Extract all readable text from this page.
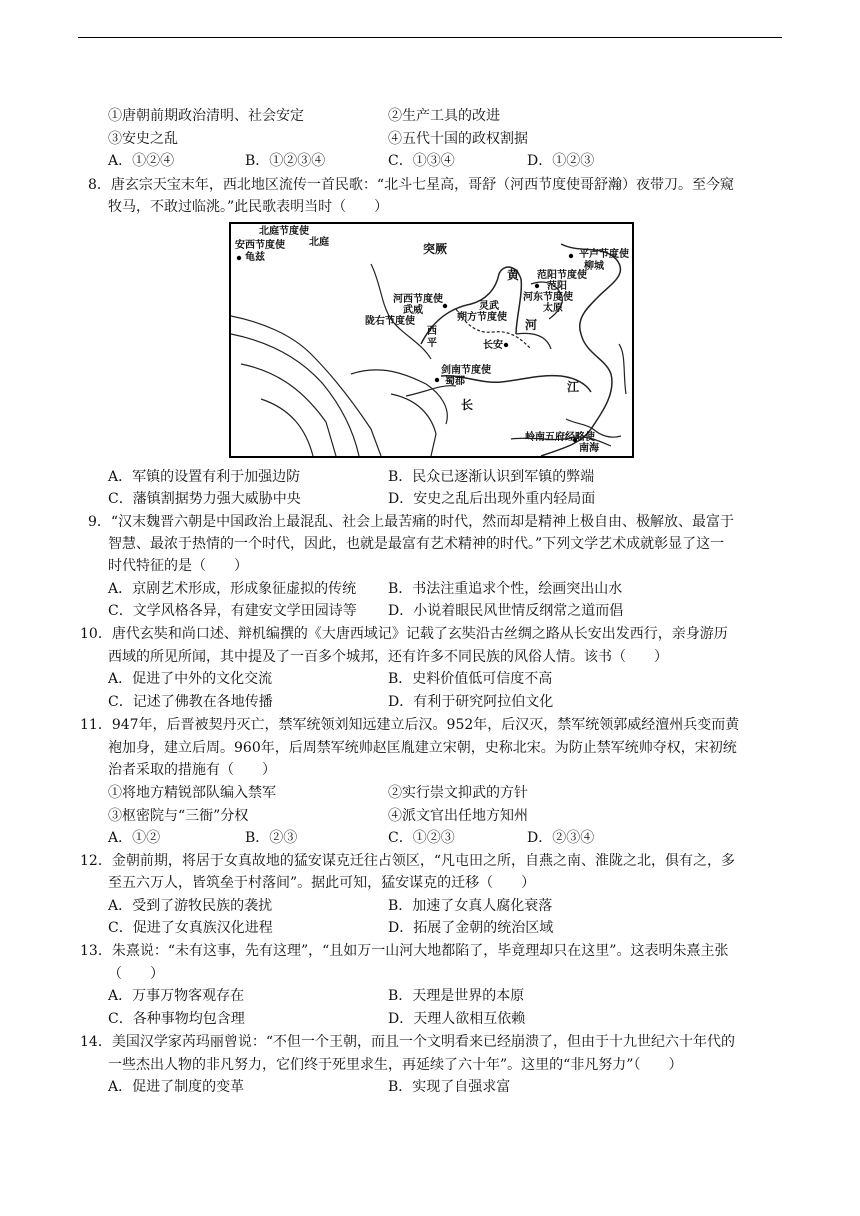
①唐朝前期政治清明、社会安定	②生产工具的改进
③安史之乱	④五代十国的政权割据
A．①②④	B．①②③④	C．①③④	D．①②③
8．唐玄宗天宝末年，西北地区流传一首民歌：“北斗七星高，哥舒（河西节度使哥舒瀚）夜带刀。至今窥
牧马，不敢过临洮。”此民歌表明当时（　　）
北庭节度使
北庭
安西节度使
龟兹
突厥	平卢节度使
柳城
范阳节度使
范阳
河东节度使
太原
黄
河
河西节度使
武威	灵武
朔方节度使
陇右节度使
西平	长安
剑南节度使
蜀郡
长
江
岭南五府经略使
南海
A．军镇的设置有利于加强边防	B．民众已逐渐认识到军镇的弊端
C．藩镇割据势力强大威胁中央	D．安史之乱后出现外重内轻局面
9．“汉末魏晋六朝是中国政治上最混乱、社会上最苦痛的时代，然而却是精神上极自由、极解放、最富于
智慧、最浓于热情的一个时代，因此，也就是最富有艺术精神的时代。”下列文学艺术成就彰显了这一
时代特征的是（　　）
A．京剧艺术形成，形成象征虚拟的传统 B．书法注重追求个性，绘画突出山水
C．文学风格各异，有建安文学田园诗等 D．小说着眼民风世情反纲常之道而倡
10．唐代玄奘和尚口述、辩机编撰的《大唐西域记》记载了玄奘沿古丝绸之路从长安出发西行，亲身游历
西域的所见所闻，其中提及了一百多个城邦，还有许多不同民族的风俗人情。该书（　　）
A．促进了中外的文化交流	B．史料价值低可信度不高
C．记述了佛教在各地传播	D．有利于研究阿拉伯文化
11．947年，后晋被契丹灭亡，禁军统领刘知远建立后汉。952年，后汉灭，禁军统领郭威经澶州兵变而黄
袍加身，建立后周。960年，后周禁军统帅赵匡胤建立宋朝，史称北宋。为防止禁军统帅夺权，宋初统
治者采取的措施有（　　）
①将地方精锐部队编入禁军	②实行崇文抑武的方针
③枢密院与“三衙”分权	④派文官出任地方知州
A．①②	B．②③	C．①②③	D．②③④
12．金朝前期，将居于女真故地的猛安谋克迁往占领区，“凡屯田之所，自燕之南、淮陇之北，俱有之，多
至五六万人，皆筑垒于村落间”。据此可知，猛安谋克的迁移（　　）
A．受到了游牧民族的袭扰	B．加速了女真人腐化衰落
C．促进了女真族汉化进程	D．拓展了金朝的统治区域
13．朱熹说：“未有这事，先有这理”，“且如万一山河大地都陷了，毕竟理却只在这里”。这表明朱熹主张
（　　）
A．万事万物客观存在	B．天理是世界的本原
C．各种事物均包含理	D．天理人欲相互依赖
14．美国汉学家芮玛丽曾说：“不但一个王朝，而且一个文明看来已经崩溃了，但由于十九世纪六十年代的
一些杰出人物的非凡努力，它们终于死里求生，再延续了六十年”。这里的“非凡努力”（　　）
A．促进了制度的变革	B．实现了自强求富
